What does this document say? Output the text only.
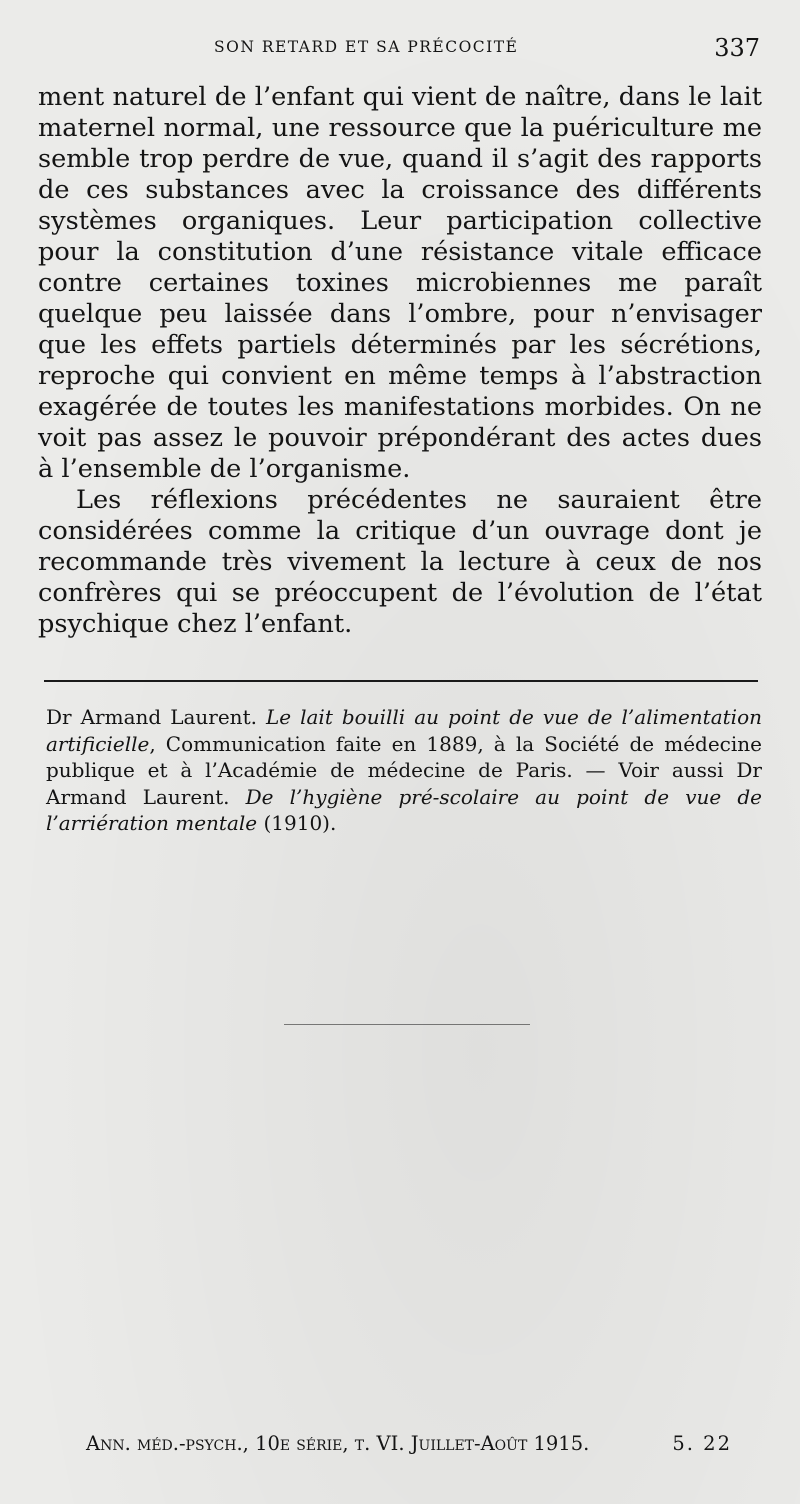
SON RETARD ET SA PRÉCOCITÉ	337

ment naturel de l’enfant qui vient de naître, dans le lait maternel normal, une ressource que la puériculture me semble trop perdre de vue, quand il s’agit des rapports de ces substances avec la croissance des différents systèmes organiques. Leur participation collective pour la constitution d’une résistance vitale efficace contre certaines toxines microbiennes me paraît quelque peu laissée dans l’ombre, pour n’envisager que les effets partiels déterminés par les sécrétions, reproche qui convient en même temps à l’abstraction exagérée de toutes les manifestations morbides. On ne voit pas assez le pouvoir prépondérant des actes dues à l’ensemble de l’organisme.

Les réflexions précédentes ne sauraient être considérées comme la critique d’un ouvrage dont je recommande très vivement la lecture à ceux de nos confrères qui se préoccupent de l’évolution de l’état psychique chez l’enfant.

Dr Armand Laurent. Le lait bouilli au point de vue de l’alimentation artificielle, Communication faite en 1889, à la Société de médecine publique et à l’Académie de médecine de Paris. — Voir aussi Dr Armand Laurent. De l’hygiène pré-scolaire au point de vue de l’arriération mentale (1910).

Ann. méd.-psych., 10e série, t. VI. Juillet-Août 1915.	5. 22
